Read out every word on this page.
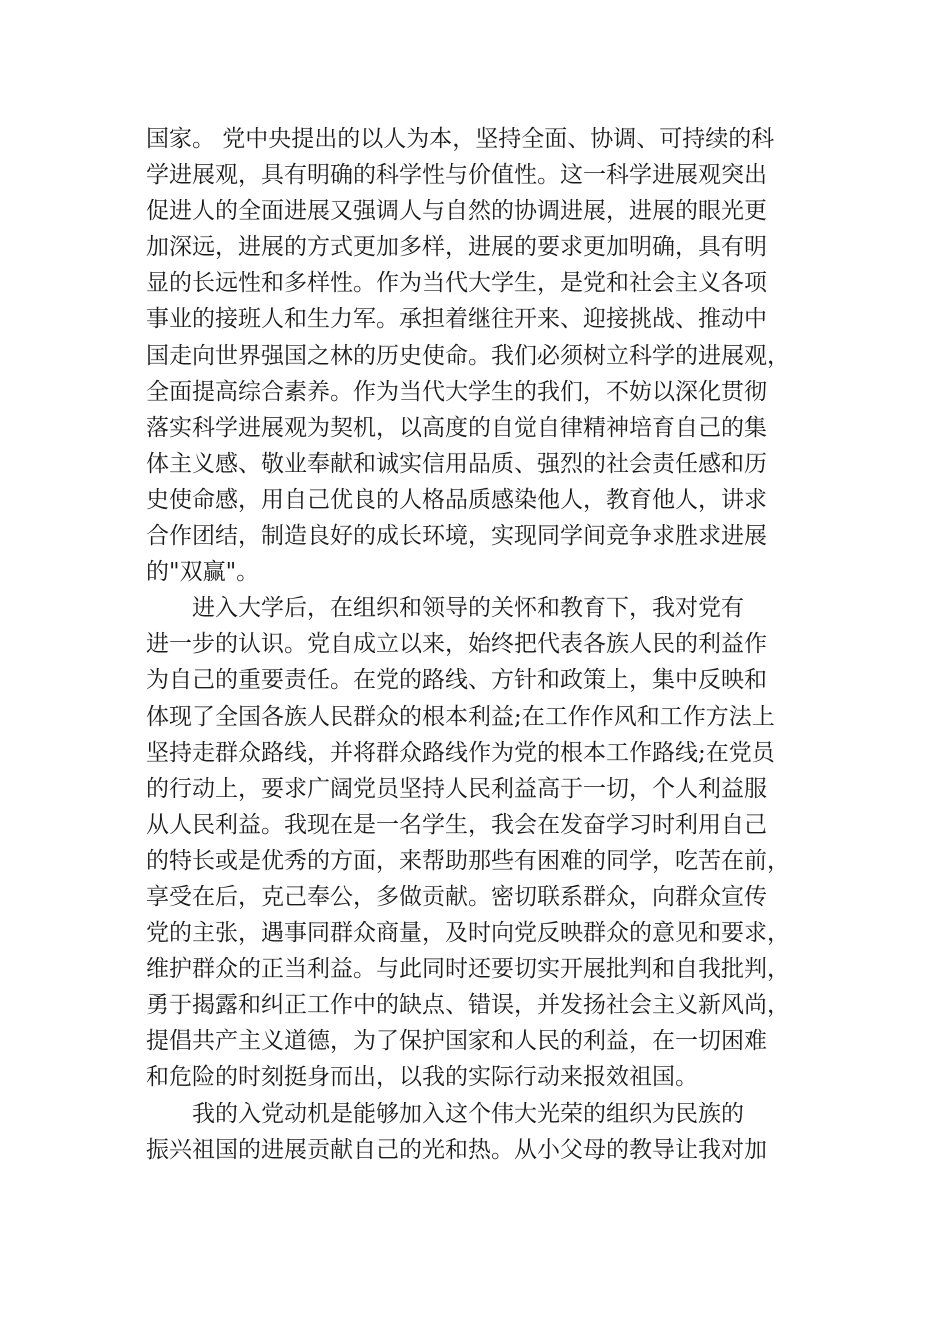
国家。 党中央提出的以人为本，坚持全面、协调、可持续的科
学进展观，具有明确的科学性与价值性。这一科学进展观突出
促进人的全面进展又强调人与自然的协调进展，进展的眼光更
加深远，进展的方式更加多样，进展的要求更加明确，具有明
显的长远性和多样性。作为当代大学生，是党和社会主义各项
事业的接班人和生力军。承担着继往开来、迎接挑战、推动中
国走向世界强国之林的历史使命。我们必须树立科学的进展观，
全面提高综合素养。作为当代大学生的我们，不妨以深化贯彻
落实科学进展观为契机，以高度的自觉自律精神培育自己的集
体主义感、敬业奉献和诚实信用品质、强烈的社会责任感和历
史使命感，用自己优良的人格品质感染他人，教育他人，讲求
合作团结，制造良好的成长环境，实现同学间竞争求胜求进展
的"双赢"。
　　进入大学后，在组织和领导的关怀和教育下，我对党有
进一步的认识。党自成立以来，始终把代表各族人民的利益作
为自己的重要责任。在党的路线、方针和政策上，集中反映和
体现了全国各族人民群众的根本利益;在工作作风和工作方法上
坚持走群众路线，并将群众路线作为党的根本工作路线;在党员
的行动上，要求广阔党员坚持人民利益高于一切，个人利益服
从人民利益。我现在是一名学生，我会在发奋学习时利用自己
的特长或是优秀的方面，来帮助那些有困难的同学，吃苦在前，
享受在后，克己奉公，多做贡献。密切联系群众，向群众宣传
党的主张，遇事同群众商量，及时向党反映群众的意见和要求，
维护群众的正当利益。与此同时还要切实开展批判和自我批判，
勇于揭露和纠正工作中的缺点、错误，并发扬社会主义新风尚，
提倡共产主义道德，为了保护国家和人民的利益，在一切困难
和危险的时刻挺身而出，以我的实际行动来报效祖国。
　　我的入党动机是能够加入这个伟大光荣的组织为民族的
振兴祖国的进展贡献自己的光和热。从小父母的教导让我对加
